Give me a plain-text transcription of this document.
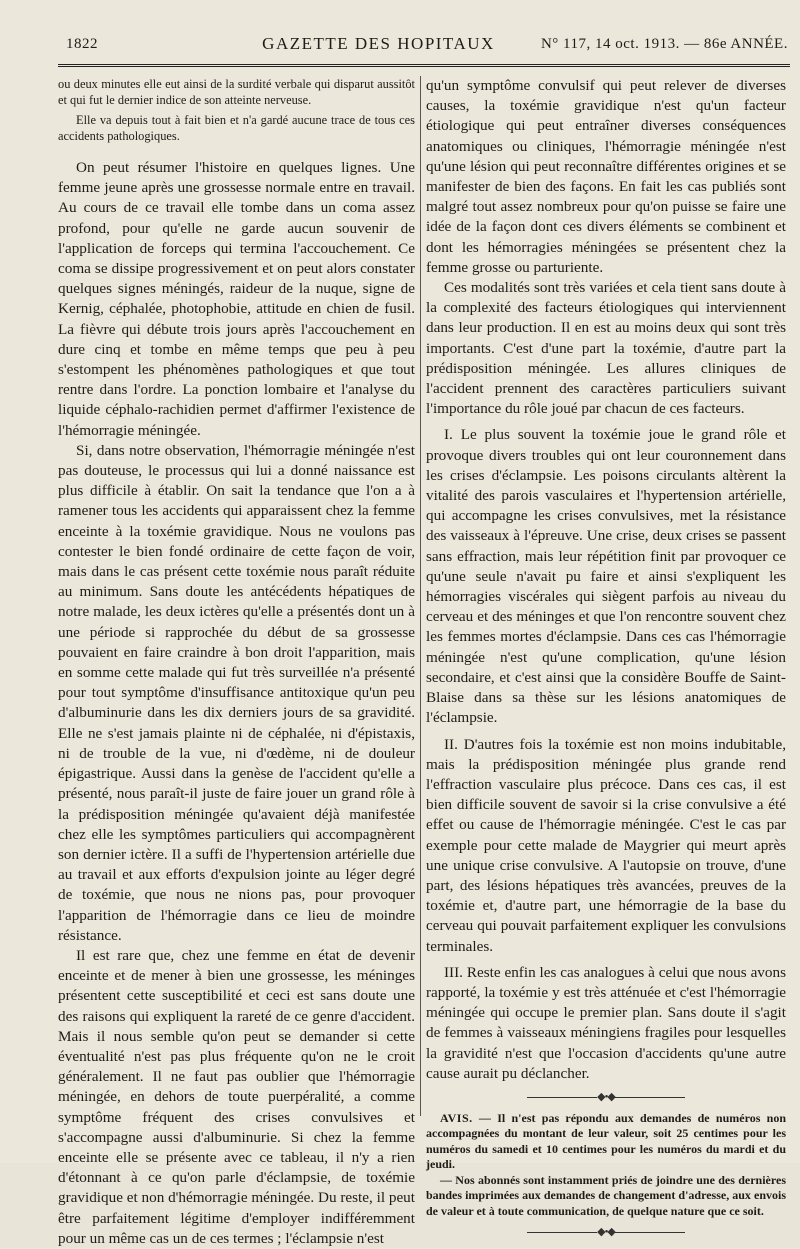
1822	GAZETTE DES HOPITAUX	N° 117, 14 oct. 1913. — 86e ANNÉE.

ou deux minutes elle eut ainsi de la surdité verbale qui disparut aussitôt et qui fut le dernier indice de son atteinte nerveuse.

Elle va depuis tout à fait bien et n'a gardé aucune trace de tous ces accidents pathologiques.

On peut résumer l'histoire en quelques lignes. Une femme jeune après une grossesse normale entre en travail. Au cours de ce travail elle tombe dans un coma assez profond, pour qu'elle ne garde aucun souvenir de l'application de forceps qui termina l'accouchement. Ce coma se dissipe progressivement et on peut alors constater quelques signes méningés, raideur de la nuque, signe de Kernig, céphalée, photophobie, attitude en chien de fusil. La fièvre qui débute trois jours après l'accouchement en dure cinq et tombe en même temps que peu à peu s'estompent les phénomènes pathologiques et que tout rentre dans l'ordre. La ponction lombaire et l'analyse du liquide céphalo-rachidien permet d'affirmer l'existence de l'hémorragie méningée.

Si, dans notre observation, l'hémorragie méningée n'est pas douteuse, le processus qui lui a donné naissance est plus difficile à établir. On sait la tendance que l'on a à ramener tous les accidents qui apparaissent chez la femme enceinte à la toxémie gravidique. Nous ne voulons pas contester le bien fondé ordinaire de cette façon de voir, mais dans le cas présent cette toxémie nous paraît réduite au minimum. Sans doute les antécédents hépatiques de notre malade, les deux ictères qu'elle a présentés dont un à une période si rapprochée du début de sa grossesse pouvaient en faire craindre à bon droit l'apparition, mais en somme cette malade qui fut très surveillée n'a présenté pour tout symptôme d'insuffisance antitoxique qu'un peu d'albuminurie dans les dix derniers jours de sa gravidité. Elle ne s'est jamais plainte ni de céphalée, ni d'épistaxis, ni de trouble de la vue, ni d'œdème, ni de douleur épigastrique. Aussi dans la genèse de l'accident qu'elle a présenté, nous paraît-il juste de faire jouer un grand rôle à la prédisposition méningée qu'avaient déjà manifestée chez elle les symptômes particuliers qui accompagnèrent son dernier ictère. Il a suffi de l'hypertension artérielle due au travail et aux efforts d'expulsion jointe au léger degré de toxémie, que nous ne nions pas, pour provoquer l'apparition de l'hémorragie dans ce lieu de moindre résistance.

Il est rare que, chez une femme en état de devenir enceinte et de mener à bien une grossesse, les méninges présentent cette susceptibilité et ceci est sans doute une des raisons qui expliquent la rareté de ce genre d'accident. Mais il nous semble qu'on peut se demander si cette éventualité n'est pas plus fréquente qu'on ne le croit généralement. Il ne faut pas oublier que l'hémorragie méningée, en dehors de toute puerpéralité, a comme symptôme fréquent des crises convulsives et s'accompagne aussi d'albuminurie. Si chez la femme enceinte elle se présente avec ce tableau, il n'y a rien d'étonnant à ce qu'on parle d'éclampsie, de toxémie gravidique et non d'hémorragie méningée. Du reste, il peut être parfaitement légitime d'employer indifféremment pour un même cas un de ces termes ; l'éclampsie n'est

qu'un symptôme convulsif qui peut relever de diverses causes, la toxémie gravidique n'est qu'un facteur étiologique qui peut entraîner diverses conséquences anatomiques ou cliniques, l'hémorragie méningée n'est qu'une lésion qui peut reconnaître différentes origines et se manifester de bien des façons. En fait les cas publiés sont malgré tout assez nombreux pour qu'on puisse se faire une idée de la façon dont ces divers éléments se combinent et dont les hémorragies méningées se présentent chez la femme grosse ou parturiente.

Ces modalités sont très variées et cela tient sans doute à la complexité des facteurs étiologiques qui interviennent dans leur production. Il en est au moins deux qui sont très importants. C'est d'une part la toxémie, d'autre part la prédisposition méningée. Les allures cliniques de l'accident prennent des caractères particuliers suivant l'importance du rôle joué par chacun de ces facteurs.

I. Le plus souvent la toxémie joue le grand rôle et provoque divers troubles qui ont leur couronnement dans les crises d'éclampsie. Les poisons circulants altèrent la vitalité des parois vasculaires et l'hypertension artérielle, qui accompagne les crises convulsives, met la résistance des vaisseaux à l'épreuve. Une crise, deux crises se passent sans effraction, mais leur répétition finit par provoquer ce qu'une seule n'avait pu faire et ainsi s'expliquent les hémorragies viscérales qui siègent parfois au niveau du cerveau et des méninges et que l'on rencontre souvent chez les femmes mortes d'éclampsie. Dans ces cas l'hémorragie méningée n'est qu'une complication, qu'une lésion secondaire, et c'est ainsi que la considère Bouffe de Saint-Blaise dans sa thèse sur les lésions anatomiques de l'éclampsie.

II. D'autres fois la toxémie est non moins indubitable, mais la prédisposition méningée plus grande rend l'effraction vasculaire plus précoce. Dans ces cas, il est bien difficile souvent de savoir si la crise convulsive a été effet ou cause de l'hémorragie méningée. C'est le cas par exemple pour cette malade de Maygrier qui meurt après une unique crise convulsive. A l'autopsie on trouve, d'une part, des lésions hépatiques très avancées, preuves de la toxémie et, d'autre part, une hémorragie de la base du cerveau qui pouvait parfaitement expliquer les convulsions terminales.

III. Reste enfin les cas analogues à celui que nous avons rapporté, la toxémie y est très atténuée et c'est l'hémorragie méningée qui occupe le premier plan. Sans doute il s'agit de femmes à vaisseaux méningiens fragiles pour lesquelles la gravidité n'est que l'occasion d'accidents qu'une autre cause aurait pu déclancher.

◆•◆

AVIS. — Il n'est pas répondu aux demandes de numéros non accompagnées du montant de leur valeur, soit 25 centimes pour les numéros du samedi et 10 centimes pour les numéros du mardi et du jeudi.

— Nos abonnés sont instamment priés de joindre une des dernières bandes imprimées aux demandes de changement d'adresse, aux envois de valeur et à toute communication, de quelque nature que ce soit.

◆•◆
